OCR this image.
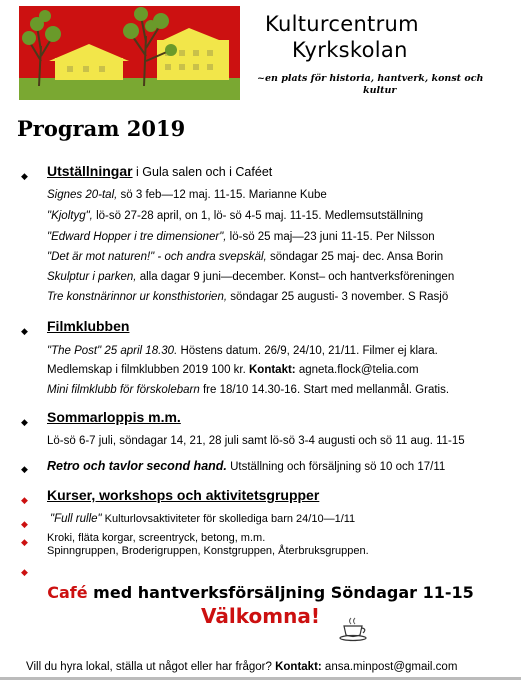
Kulturcentrum
Kyrkskolan
~en plats för historia, hantverk, konst och
kultur
Program 2019
◆ Utställningar i Gula salen och i Caféet
Signes 20-tal, sö 3 feb—12 maj. 11-15. Marianne Kube
"Kjoltyg", lö-sö 27-28 april, on 1, lö- sö 4-5 maj. 11-15. Medlemsutställning
"Edward Hopper i tre dimensioner", lö-sö 25 maj—23 juni 11-15. Per Nilsson
"Det är mot naturen!" - och andra svepskäl, söndagar 25 maj- dec. Ansa Borin
Skulptur i parken, alla dagar 9 juni—december. Konst– och hantverksföreningen
Tre konstnärinnor ur konsthistorien, söndagar 25 augusti- 3 november. S Rasjö
◆ Filmklubben
"The Post" 25 april 18.30. Höstens datum. 26/9, 24/10, 21/11. Filmer ej klara.
Medlemskap i filmklubben 2019 100 kr. Kontakt: agneta.flock@telia.com
Mini filmklubb för förskolebarn fre 18/10 14.30-16. Start med mellanmål. Gratis.
◆ Sommarloppis m.m.
Lö-sö 6-7 juli, söndagar 14, 21, 28 juli samt lö-sö 3-4 augusti och sö 11 aug. 11-15
◆ Retro och tavlor second hand. Utställning och försäljning sö 10 och 17/11
◆ Kurser, workshops och aktivitetsgrupper
◆ "Full rulle" Kulturlovsaktiviteter för skollediga barn 24/10—1/11
◆ Kroki, fläta korgar, screentryck, betong, m.m.
Spinngruppen, Broderigruppen, Konstgruppen, Återbruksgruppen.
◆
Café med hantverksförsäljning Söndagar 11-15
Välkomna!
Vill du hyra lokal, ställa ut något eller har frågor? Kontakt: ansa.minpost@gmail.com
